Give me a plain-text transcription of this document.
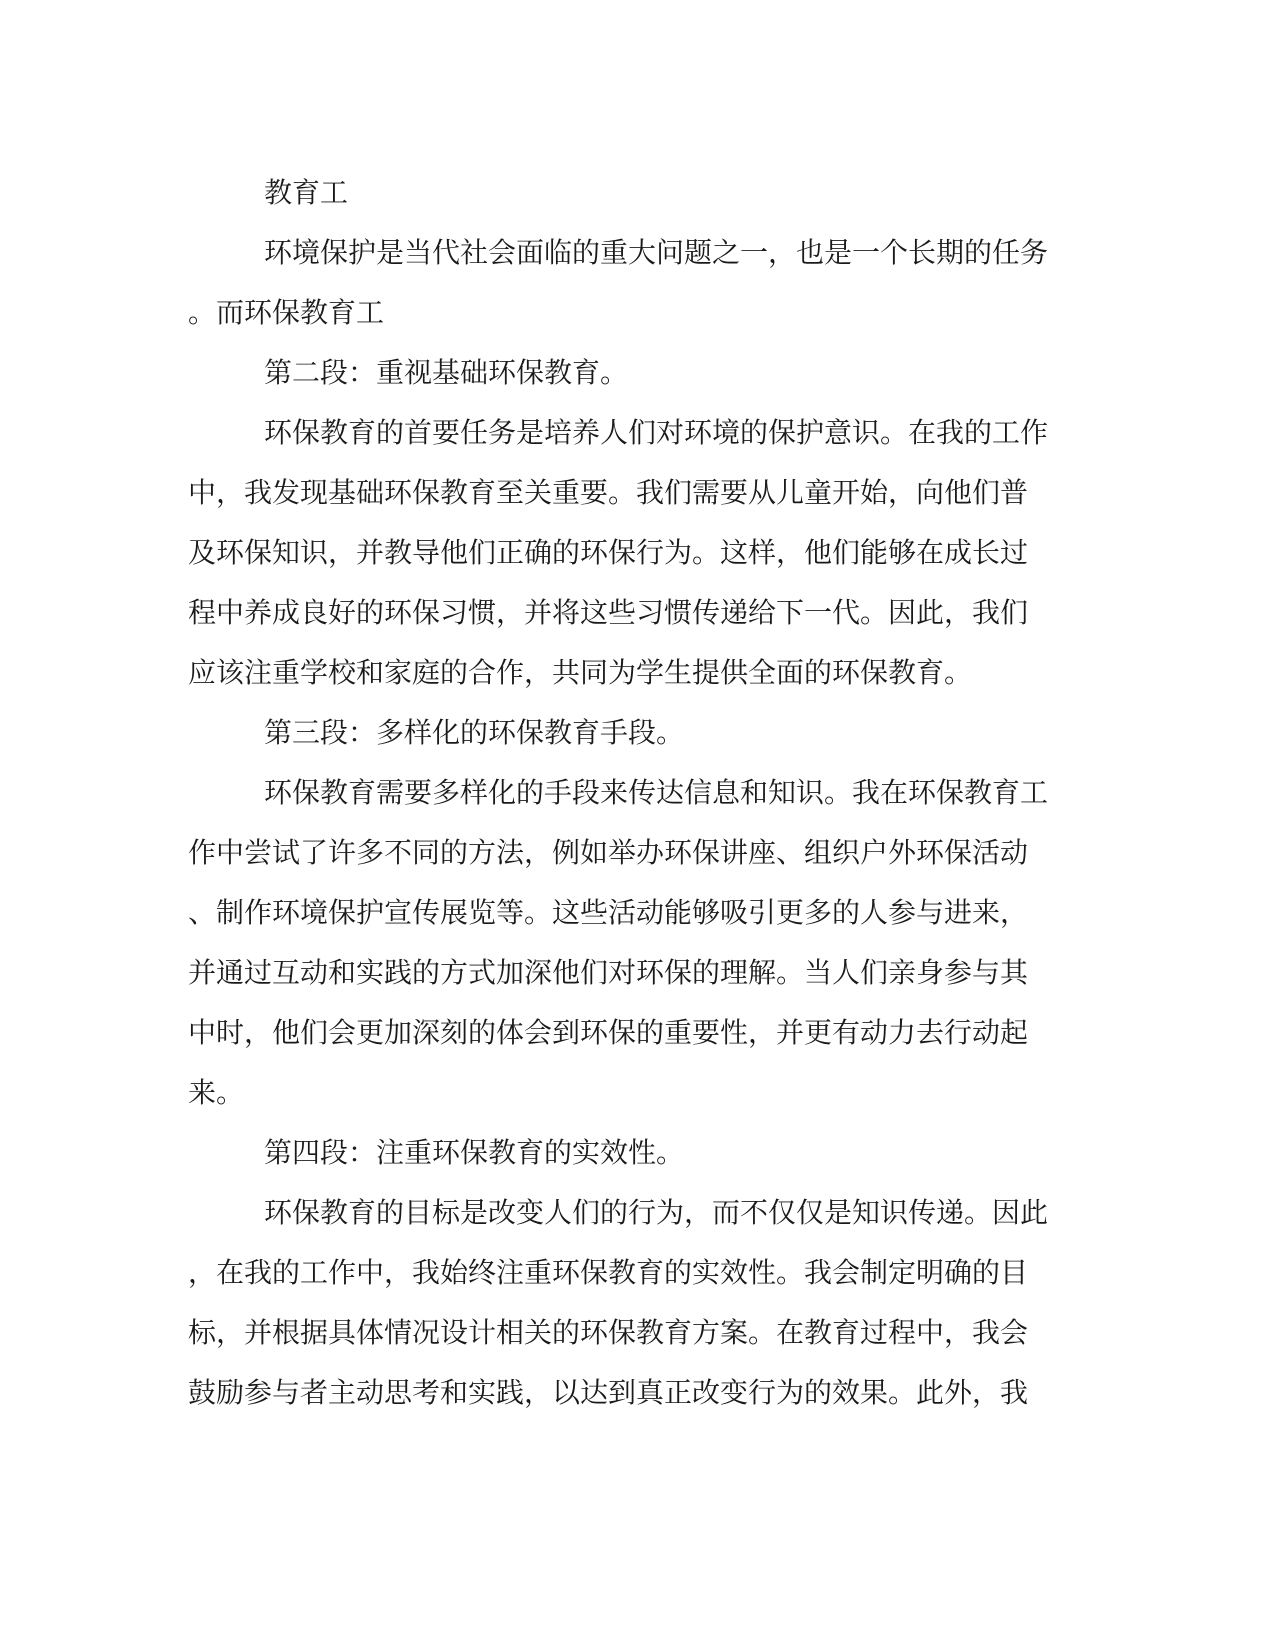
教育工
环境保护是当代社会面临的重大问题之一，也是一个长期的任务
。而环保教育工
第二段：重视基础环保教育。
环保教育的首要任务是培养人们对环境的保护意识。在我的工作
中，我发现基础环保教育至关重要。我们需要从儿童开始，向他们普
及环保知识，并教导他们正确的环保行为。这样，他们能够在成长过
程中养成良好的环保习惯，并将这些习惯传递给下一代。因此，我们
应该注重学校和家庭的合作，共同为学生提供全面的环保教育。
第三段：多样化的环保教育手段。
环保教育需要多样化的手段来传达信息和知识。我在环保教育工
作中尝试了许多不同的方法，例如举办环保讲座、组织户外环保活动
、制作环境保护宣传展览等。这些活动能够吸引更多的人参与进来，
并通过互动和实践的方式加深他们对环保的理解。当人们亲身参与其
中时，他们会更加深刻的体会到环保的重要性，并更有动力去行动起
来。
第四段：注重环保教育的实效性。
环保教育的目标是改变人们的行为，而不仅仅是知识传递。因此
，在我的工作中，我始终注重环保教育的实效性。我会制定明确的目
标，并根据具体情况设计相关的环保教育方案。在教育过程中，我会
鼓励参与者主动思考和实践，以达到真正改变行为的效果。此外，我
